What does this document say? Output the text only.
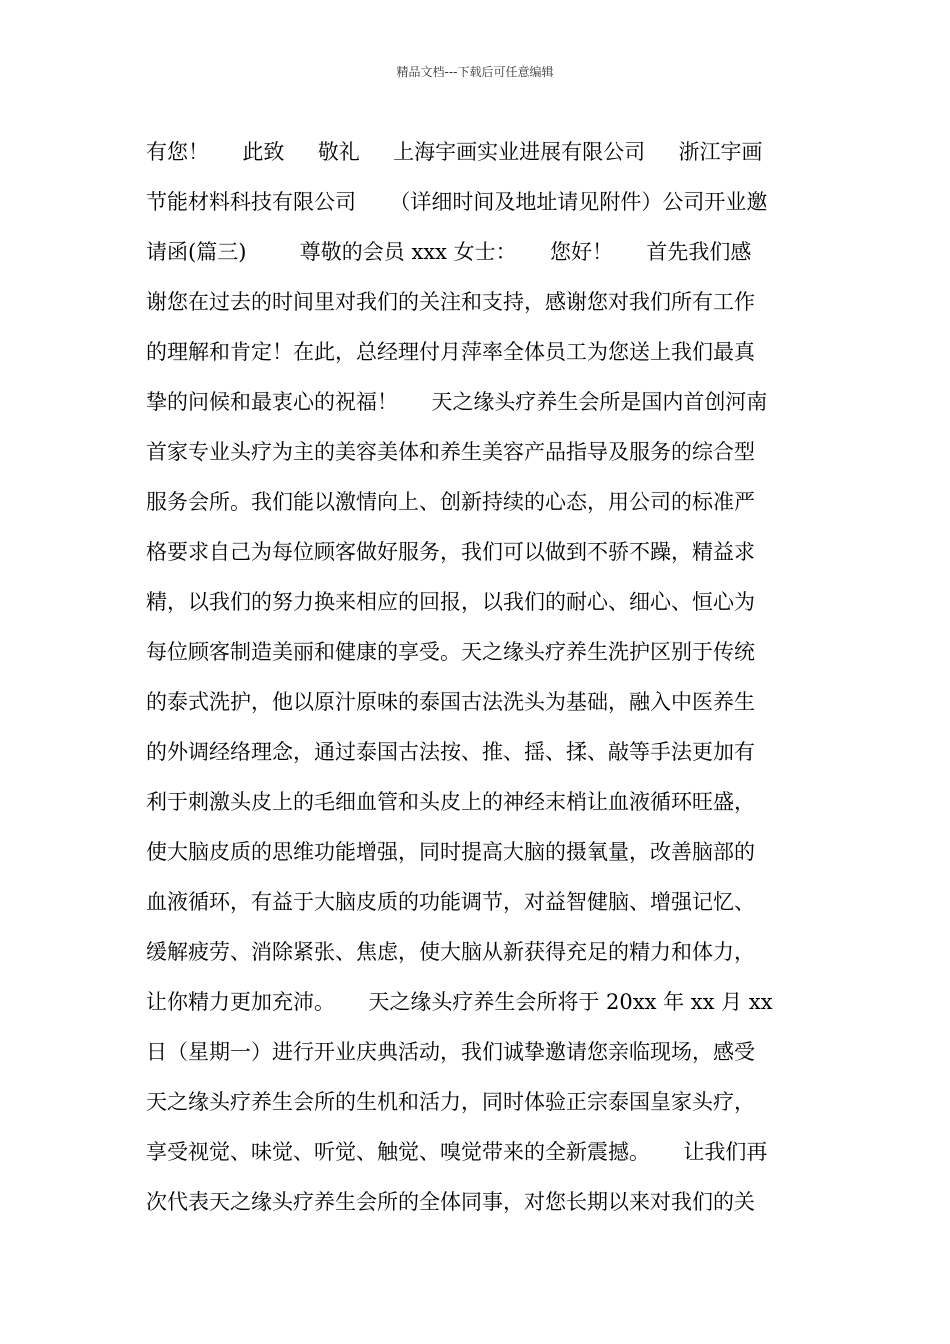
精品文档---下载后可任意编辑
有您！     此致     敬礼     上海宇画实业进展有限公司     浙江宇画
节能材料科技有限公司     （详细时间及地址请见附件）公司开业邀
请函(篇三)        尊敬的会员 xxx 女士：     您好！     首先我们感
谢您在过去的时间里对我们的关注和支持，感谢您对我们所有工作
的理解和肯定！在此，总经理付月萍率全体员工为您送上我们最真
挚的问候和最衷心的祝福！     天之缘头疗养生会所是国内首创河南
首家专业头疗为主的美容美体和养生美容产品指导及服务的综合型
服务会所。我们能以激情向上、创新持续的心态，用公司的标准严
格要求自己为每位顾客做好服务，我们可以做到不骄不躁，精益求
精，以我们的努力换来相应的回报，以我们的耐心、细心、恒心为
每位顾客制造美丽和健康的享受。天之缘头疗养生洗护区别于传统
的泰式洗护，他以原汁原味的泰国古法洗头为基础，融入中医养生
的外调经络理念，通过泰国古法按、推、揺、揉、敲等手法更加有
利于刺激头皮上的毛细血管和头皮上的神经末梢让血液循环旺盛，
使大脑皮质的思维功能增强，同时提高大脑的摄氧量，改善脑部的
血液循环，有益于大脑皮质的功能调节，对益智健脑、增强记忆、
缓解疲劳、消除紧张、焦虑，使大脑从新获得充足的精力和体力，
让你精力更加充沛。     天之缘头疗养生会所将于 20xx 年 xx 月 xx
日（星期一）进行开业庆典活动，我们诚挚邀请您亲临现场，感受
天之缘头疗养生会所的生机和活力，同时体验正宗泰国皇家头疗，
享受视觉、味觉、听觉、触觉、嗅觉带来的全新震撼。     让我们再
次代表天之缘头疗养生会所的全体同事，对您长期以来对我们的关
